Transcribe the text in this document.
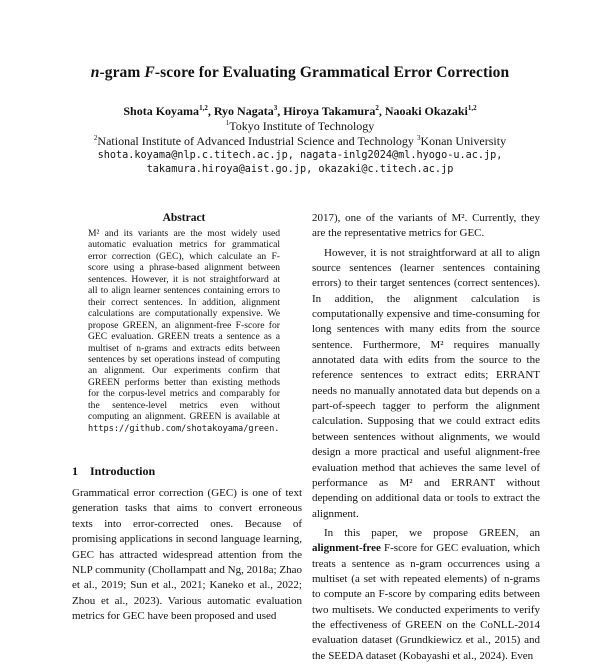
n-gram F-score for Evaluating Grammatical Error Correction
Shota Koyama$^{1,2}$, Ryo Nagata$^3$, Hiroya Takamura$^2$, Naoaki Okazaki$^{1,2}$
$^1$Tokyo Institute of Technology
$^2$National Institute of Advanced Industrial Science and Technology $^3$Konan University
shota.koyama@nlp.c.titech.ac.jp, nagata-inlg2024@ml.hyogo-u.ac.jp,
takamura.hiroya@aist.go.jp, okazaki@c.titech.ac.jp
Abstract
M² and its variants are the most widely used automatic evaluation metrics for grammatical error correction (GEC), which calculate an F-score using a phrase-based alignment between sentences. However, it is not straightforward at all to align learner sentences containing errors to their correct sentences. In addition, alignment calculations are computationally expensive. We propose GREEN, an alignment-free F-score for GEC evaluation. GREEN treats a sentence as a multiset of n-grams and extracts edits between sentences by set operations instead of computing an alignment. Our experiments confirm that GREEN performs better than existing methods for the corpus-level metrics and comparably for the sentence-level metrics even without computing an alignment. GREEN is available at https://github.com/shotakoyama/green.
1 Introduction
Grammatical error correction (GEC) is one of text generation tasks that aims to convert erroneous texts into error-corrected ones. Because of promising applications in second language learning, GEC has attracted widespread attention from the NLP community (Chollampatt and Ng, 2018a; Zhao et al., 2019; Sun et al., 2021; Kaneko et al., 2022; Zhou et al., 2023). Various automatic evaluation metrics for GEC have been proposed and used

2017), one of the variants of M². Currently, they are the representative metrics for GEC.

However, it is not straightforward at all to align source sentences (learner sentences containing errors) to their target sentences (correct sentences). In addition, the alignment calculation is computationally expensive and time-consuming for long sentences with many edits from the source sentence. Furthermore, M² requires manually annotated data with edits from the source to the reference sentences to extract edits; ERRANT needs no manually annotated data but depends on a part-of-speech tagger to perform the alignment calculation. Supposing that we could extract edits between sentences without alignments, we would design a more practical and useful alignment-free evaluation method that achieves the same level of performance as M² and ERRANT without depending on additional data or tools to extract the alignment.

In this paper, we propose GREEN, an alignment-free F-score for GEC evaluation, which treats a sentence as n-gram occurrences using a multiset (a set with repeated elements) of n-grams to compute an F-score by comparing edits between two multisets. We conducted experiments to verify the effectiveness of GREEN on the CoNLL-2014 evaluation dataset (Grundkiewicz et al., 2015) and the SEEDA dataset (Kobayashi et al., 2024). Even
